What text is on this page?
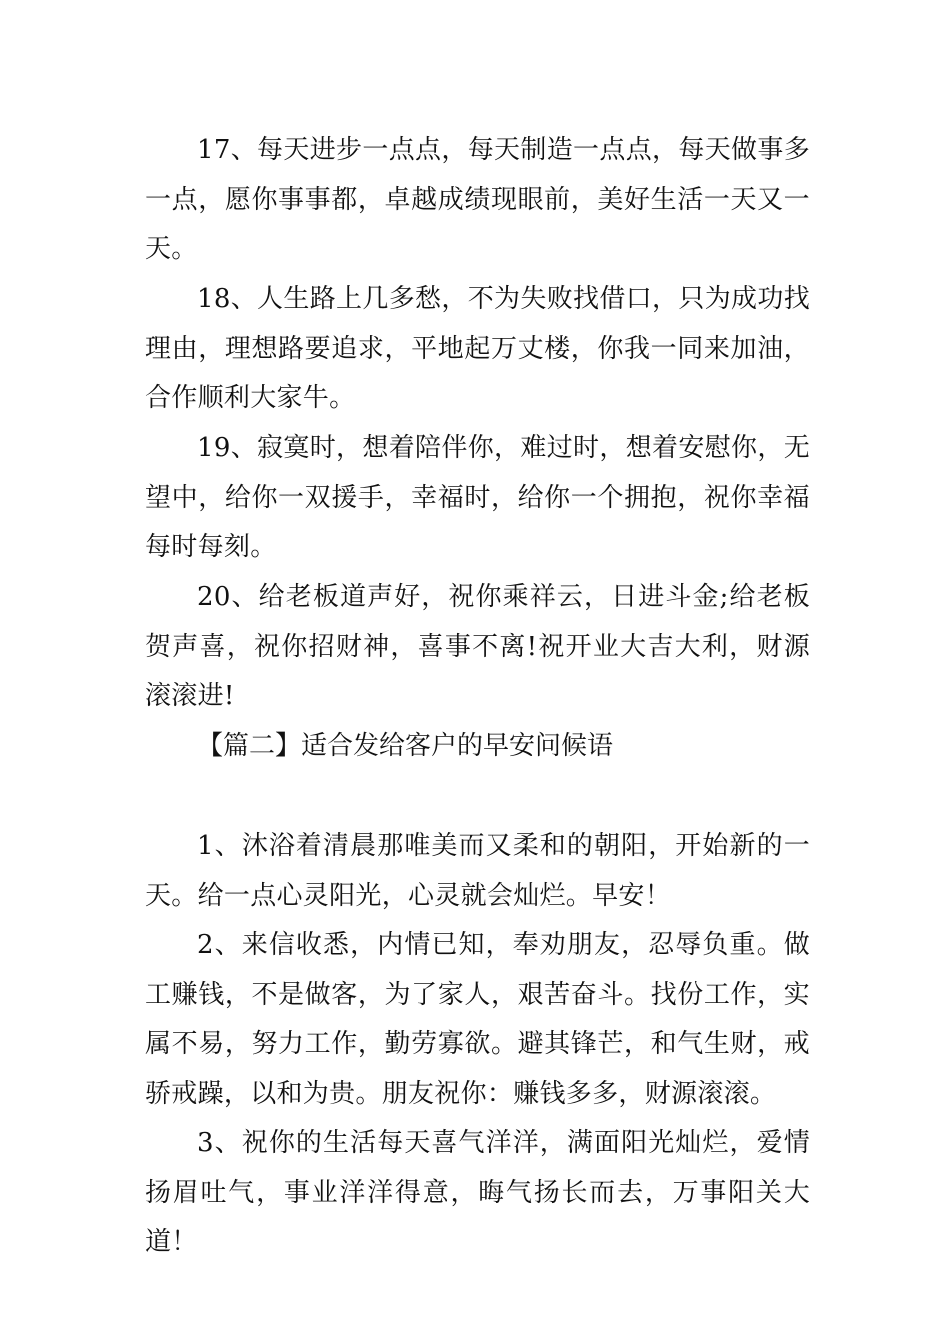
17、每天进步一点点，每天制造一点点，每天做事多一点，愿你事事都，卓越成绩现眼前，美好生活一天又一天。

18、人生路上几多愁，不为失败找借口，只为成功找理由，理想路要追求，平地起万丈楼，你我一同来加油，合作顺利大家牛。

19、寂寞时，想着陪伴你，难过时，想着安慰你，无望中，给你一双援手，幸福时，给你一个拥抱，祝你幸福每时每刻。

20、给老板道声好，祝你乘祥云，日进斗金;给老板贺声喜，祝你招财神，喜事不离!祝开业大吉大利，财源滚滚进!

【篇二】适合发给客户的早安问候语

1、沐浴着清晨那唯美而又柔和的朝阳，开始新的一天。给一点心灵阳光，心灵就会灿烂。早安！

2、来信收悉，内情已知，奉劝朋友，忍辱负重。做工赚钱，不是做客，为了家人，艰苦奋斗。找份工作，实属不易，努力工作，勤劳寡欲。避其锋芒，和气生财，戒骄戒躁，以和为贵。朋友祝你：赚钱多多，财源滚滚。

3、祝你的生活每天喜气洋洋，满面阳光灿烂，爱情扬眉吐气，事业洋洋得意，晦气扬长而去，万事阳关大道！
